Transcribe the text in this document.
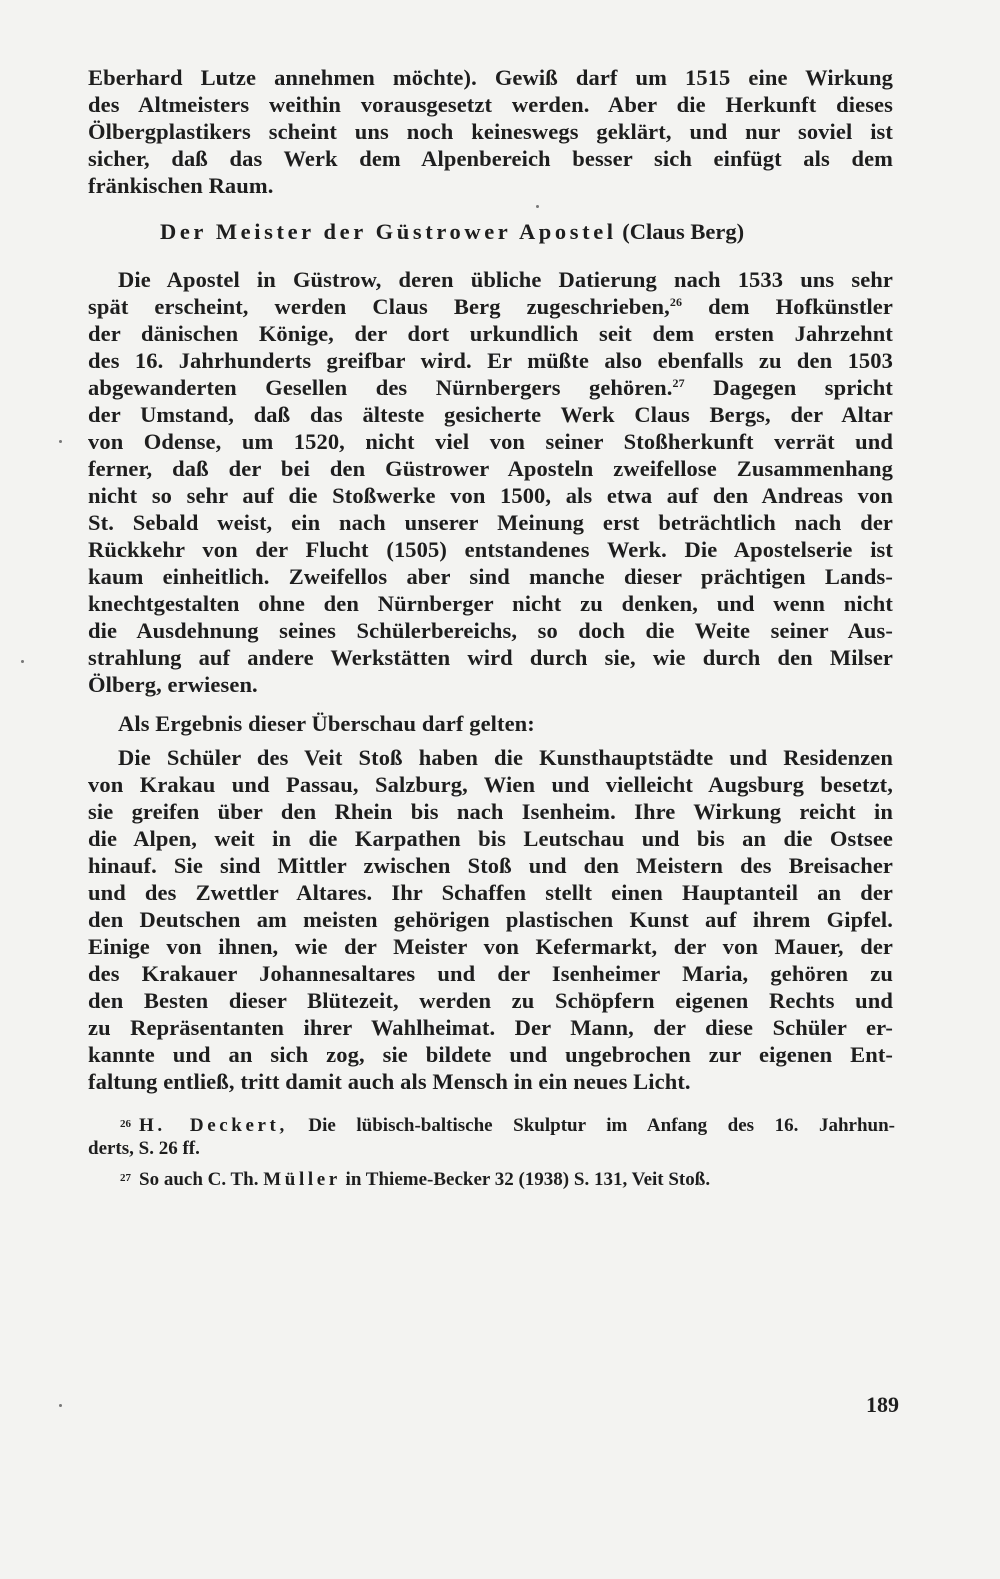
Eberhard Lutze annehmen möchte). Gewiß darf um 1515 eine Wirkung
des Altmeisters weithin vorausgesetzt werden. Aber die Herkunft dieses
Ölbergplastikers scheint uns noch keineswegs geklärt, und nur soviel ist
sicher, daß das Werk dem Alpenbereich besser sich einfügt als dem
fränkischen Raum.
Der Meister der Güstrower Apostel (Claus Berg)
Die Apostel in Güstrow, deren übliche Datierung nach 1533 uns sehr
spät erscheint, werden Claus Berg zugeschrieben,$^{26}$ dem Hofkünstler
der dänischen Könige, der dort urkundlich seit dem ersten Jahrzehnt
des 16. Jahrhunderts greifbar wird. Er müßte also ebenfalls zu den 1503
abgewanderten Gesellen des Nürnbergers gehören.$^{27}$ Dagegen spricht
der Umstand, daß das älteste gesicherte Werk Claus Bergs, der Altar
von Odense, um 1520, nicht viel von seiner Stoßherkunft verrät und
ferner, daß der bei den Güstrower Aposteln zweifellose Zusammenhang
nicht so sehr auf die Stoßwerke von 1500, als etwa auf den Andreas von
St. Sebald weist, ein nach unserer Meinung erst beträchtlich nach der
Rückkehr von der Flucht (1505) entstandenes Werk. Die Apostelserie ist
kaum einheitlich. Zweifellos aber sind manche dieser prächtigen Lands-
knechtgestalten ohne den Nürnberger nicht zu denken, und wenn nicht
die Ausdehnung seines Schülerbereichs, so doch die Weite seiner Aus-
strahlung auf andere Werkstätten wird durch sie, wie durch den Milser
Ölberg, erwiesen.
Als Ergebnis dieser Überschau darf gelten:
Die Schüler des Veit Stoß haben die Kunsthauptstädte und Residenzen
von Krakau und Passau, Salzburg, Wien und vielleicht Augsburg besetzt,
sie greifen über den Rhein bis nach Isenheim. Ihre Wirkung reicht in
die Alpen, weit in die Karpathen bis Leutschau und bis an die Ostsee
hinauf. Sie sind Mittler zwischen Stoß und den Meistern des Breisacher
und des Zwettler Altares. Ihr Schaffen stellt einen Hauptanteil an der
den Deutschen am meisten gehörigen plastischen Kunst auf ihrem Gipfel.
Einige von ihnen, wie der Meister von Kefermarkt, der von Mauer, der
des Krakauer Johannesaltares und der Isenheimer Maria, gehören zu
den Besten dieser Blütezeit, werden zu Schöpfern eigenen Rechts und
zu Repräsentanten ihrer Wahlheimat. Der Mann, der diese Schüler er-
kannte und an sich zog, sie bildete und ungebrochen zur eigenen Ent-
faltung entließ, tritt damit auch als Mensch in ein neues Licht.
$^{26}$ H. Deckert, Die lübisch-baltische Skulptur im Anfang des 16. Jahrhun-
derts, S. 26 ff.
$^{27}$ So auch C. Th. Müller in Thieme-Becker 32 (1938) S. 131, Veit Stoß.
189
